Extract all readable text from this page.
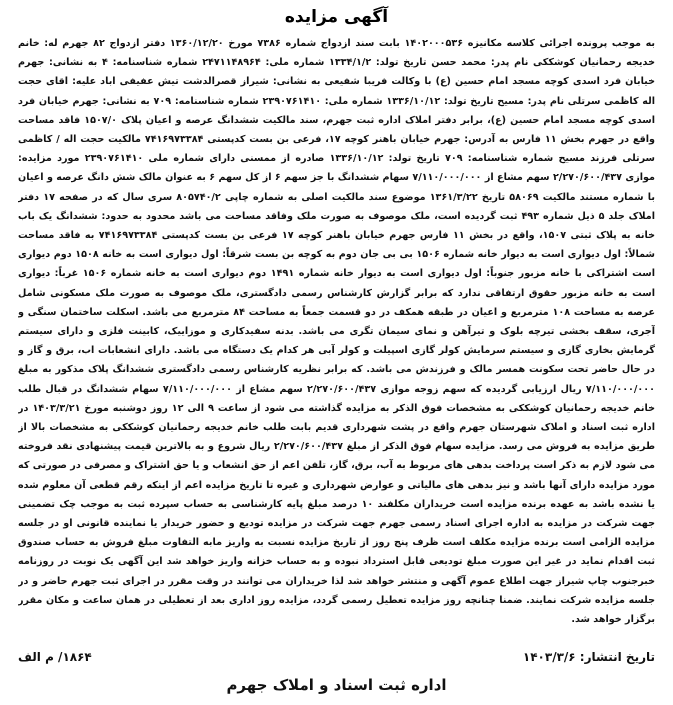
آگهی مزایده
به موجب پرونده اجرائی کلاسه مکانیزه ۱۴۰۲۰۰۰۵۳۶ بابت سند ازدواج شماره ۷۳۸۶ مورخ ۱۳۶۰/۱۲/۲۰ دفتر ازدواج ۸۲ جهرم له: خانم خدیجه رحمانیان کوشککی نام پدر: محمد حسن تاریخ تولد: ۱۳۳۴/۱/۲ شماره ملی: ۲۴۷۱۱۴۸۹۶۴ شماره شناسنامه: ۴ به نشانی: جهرم خیابان فرد اسدی کوچه مسجد امام حسین (ع) با وکالت فریبا شفیعی به نشانی: شیراز قصرالدشت تیش عفیفی اباد علیه: اقای حجت اله کاظمی سرتلی نام پدر: مسیح تاریخ تولد: ۱۳۳۶/۱۰/۱۲ شماره ملی: ۲۳۹۰۷۶۱۴۱۰ شماره شناسنامه: ۷۰۹ به نشانی: جهرم خیابان فرد اسدی کوچه مسجد امام حسین (ع)، برابر دفتر املاک اداره ثبت جهرم، سند مالکیت ششدانگ عرصه و اعیان پلاک ۱۵۰۷/۰ فاقد مساحت واقع در جهرم بخش ۱۱ فارس به آدرس: جهرم خیابان باهنر کوچه ۱۷، فرعی بن بست کدپستی ۷۴۱۶۹۷۳۳۸۴ مالکیت حجت اله / کاظمی سرتلی فرزند مسیح شماره شناسنامه: ۷۰۹ تاریخ تولد: ۱۳۳۶/۱۰/۱۲ صادره از ممسنی دارای شماره ملی ۲۳۹۰۷۶۱۴۱۰ مورد مزایده: موازی ۲/۲۷۰/۶۰۰/۴۳۷ سهم مشاع از ۷/۱۱۰/۰۰۰/۰۰۰ سهام ششدانگ با جز سهم ۶ از کل سهم ۶ به عنوان مالک شش دانگ عرصه و اعیان با شماره مستند مالکیت ۵۸۰۶۹ تاریخ ۱۳۶۱/۳/۲۲ موضوع سند مالکیت اصلی به شماره چاپی ۸۰۵۷۴۰/۲ سری سال که در صفحه ۱۷ دفتر املاک جلد ۵ ذیل شماره ۴۹۳ ثبت گردیده است، ملک موصوف به صورت ملک وفاقد مساحت می باشد محدود به حدود: ششدانگ یک باب خانه به پلاک ثبتی ۱۵۰۷، واقع در بخش ۱۱ فارس جهرم خیابان باهنر کوچه ۱۷ فرعی بن بست کدپستی ۷۴۱۶۹۷۳۳۸۴ به فاقد مساحت شمالاً: اول دیواری است به دیوار خانه شماره ۱۵۰۶ بی بی جان دوم به کوچه بن بست شرقاً: اول دیواری است به خانه ۱۵۰۸ دوم دیواری است اشتراکی با خانه مزبور جنوباً: اول دیواری است به دیوار خانه شماره ۱۴۹۱ دوم دیواری است به خانه شماره ۱۵۰۶ غرباً: دیواری است به خانه مزبور حقوق ارتفاقی ندارد که برابر گزارش کارشناس رسمی دادگستری، ملک موصوف به صورت ملک مسکونی شامل عرصه به مساحت ۱۰۸ مترمربع و اعیان در طبقه همکف در دو قسمت جمعاً به مساحت ۸۴ مترمربع می باشد. اسکلت ساختمان سنگی و آجری، سقف بخشی تیرچه بلوک و تیرآهن و نمای سیمان تگری می باشد. بدنه سفیدکاری و موزاییک، کابینت فلزی و دارای سیستم گرمایش بخاری گازی و سیستم سرمایش کولر گازی اسپیلت و کولر آبی هر کدام یک دستگاه می باشد. دارای انشعابات اب، برق و گاز و در حال حاضر تحت سکونت همسر مالک و فرزندش می باشد. که برابر نظریه کارشناس رسمی دادگستری ششدانگ پلاک مذکور به مبلغ ۷/۱۱۰/۰۰۰/۰۰۰ ریال ارزیابی گردیده که سهم زوجه موازی ۲/۲۷۰/۶۰۰/۴۳۷ سهم مشاع از ۷/۱۱۰/۰۰۰/۰۰۰ سهام ششدانگ در قبال طلب خانم خدیجه رحمانیان کوشککی به مشخصات فوق الذکر به مزایده گذاشته می شود از ساعت ۹ الی ۱۲ روز دوشنبه مورخ ۱۴۰۳/۳/۲۱ در اداره ثبت اسناد و املاک شهرستان جهرم واقع در پشت شهرداری قدیم بابت طلب خانم خدیجه رحمانیان کوشککی به مشخصات بالا از طریق مزایده به فروش می رسد. مزایده سهام فوق الذکر از مبلغ ۲/۲۷۰/۶۰۰/۴۳۷ ریال شروع و به بالاترین قیمت پیشنهادی نقد فروخته می شود لازم به ذکر است پرداخت بدهی های مربوط به آب، برق، گاز، تلفن اعم از حق انشعاب و یا حق اشتراک و مصرفی در صورتی که مورد مزایده دارای آنها باشد و نیز بدهی های مالیاتی و عوارض شهرداری و غیره تا تاریخ مزایده اعم از اینکه رقم قطعی آن معلوم شده یا نشده باشد به عهده برنده مزایده است خریداران مکلفند ۱۰ درصد مبلغ پایه کارشناسی به حساب سپرده ثبت به موجب چک تضمینی جهت شرکت در مزایده به اداره اجرای اسناد رسمی جهرم جهت شرکت در مزایده تودیع و حضور خریدار یا نماینده قانونی او در جلسه مزایده الزامی است برنده مزایده مکلف است ظرف پنج روز از تاریخ مزایده نسبت به واریز مابه التفاوت مبلغ فروش به حساب صندوق ثبت اقدام نماید در غیر این صورت مبلغ تودیعی قابل استرداد نبوده و به حساب خزانه واریز خواهد شد این آگهی یک نوبت در روزنامه خبرجنوب چاپ شیراز جهت اطلاع عموم آگهی و منتشر خواهد شد لذا خریداران می توانند در وقت مقرر در اجرای ثبت جهرم حاضر و در جلسه مزایده شرکت نمایند. ضمنا چنانچه روز مزایده تعطیل رسمی گردد، مزایده روز اداری بعد از تعطیلی در همان ساعت و مکان مقرر برگزار خواهد شد.
تاریخ انتشار: ۱۴۰۳/۳/۶
۱۸۶۴/ م الف
اداره ثبت اسناد و املاک جهرم
